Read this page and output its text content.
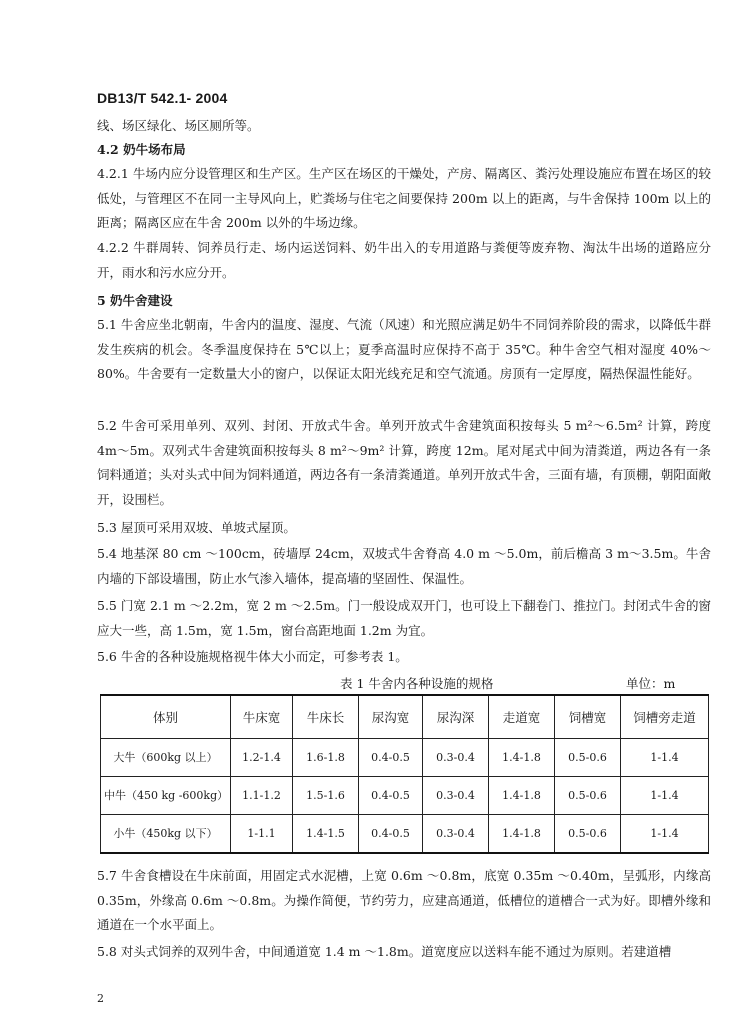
DB13/T 542.1- 2004

线、场区绿化、场区厕所等。

4.2 奶牛场布局

4.2.1 牛场内应分设管理区和生产区。生产区在场区的干燥处，产房、隔离区、粪污处理设施应布置在场区的较低处，与管理区不在同一主导风向上，贮粪场与住宅之间要保持 200m 以上的距离，与牛舍保持 100m 以上的距离；隔离区应在牛舍 200m 以外的牛场边缘。

4.2.2 牛群周转、饲养员行走、场内运送饲料、奶牛出入的专用道路与粪便等废弃物、淘汰牛出场的道路应分开，雨水和污水应分开。

5 奶牛舍建设

5.1 牛舍应坐北朝南，牛舍内的温度、湿度、气流（风速）和光照应满足奶牛不同饲养阶段的需求，以降低牛群发生疾病的机会。冬季温度保持在 5℃以上；夏季高温时应保持不高于 35℃。种牛舍空气相对湿度 40%～80%。牛舍要有一定数量大小的窗户，以保证太阳光线充足和空气流通。房顶有一定厚度，隔热保温性能好。

5.2 牛舍可采用单列、双列、封闭、开放式牛舍。单列开放式牛舍建筑面积按每头 5 m²～6.5m² 计算，跨度 4m～5m。双列式牛舍建筑面积按每头 8 m²～9m² 计算，跨度 12m。尾对尾式中间为清粪道，两边各有一条饲料通道；头对头式中间为饲料通道，两边各有一条清粪通道。单列开放式牛舍，三面有墙，有顶棚，朝阳面敞开，设围栏。

5.3 屋顶可采用双坡、单坡式屋顶。

5.4 地基深 80 cm ～100cm，砖墙厚 24cm，双坡式牛舍脊高 4.0 m ～5.0m，前后檐高 3 m～3.5m。牛舍内墙的下部设墙围，防止水气渗入墙体，提高墙的坚固性、保温性。

5.5 门宽 2.1 m ～2.2m，宽 2 m ～2.5m。门一般设成双开门，也可设上下翻卷门、推拉门。封闭式牛舍的窗应大一些，高 1.5m，宽 1.5m，窗台高距地面 1.2m 为宜。

5.6 牛舍的各种设施规格视牛体大小而定，可参考表 1。

表 1 牛舍内各种设施的规格	单位：m
体别	牛床宽	牛床长	尿沟宽	尿沟深	走道宽	饲槽宽	饲槽旁走道
大牛（600kg 以上）	1.2-1.4	1.6-1.8	0.4-0.5	0.3-0.4	1.4-1.8	0.5-0.6	1-1.4
中牛（450 kg -600kg）	1.1-1.2	1.5-1.6	0.4-0.5	0.3-0.4	1.4-1.8	0.5-0.6	1-1.4
小牛（450kg 以下）	1-1.1	1.4-1.5	0.4-0.5	0.3-0.4	1.4-1.8	0.5-0.6	1-1.4

5.7 牛舍食槽设在牛床前面，用固定式水泥槽，上宽 0.6m ～0.8m，底宽 0.35m ～0.40m，呈弧形，内缘高 0.35m，外缘高 0.6m ～0.8m。为操作简便，节约劳力，应建高通道，低槽位的道槽合一式为好。即槽外缘和通道在一个水平面上。

5.8 对头式饲养的双列牛舍，中间通道宽 1.4 m ～1.8m。道宽度应以送料车能不通过为原则。若建道槽

2
